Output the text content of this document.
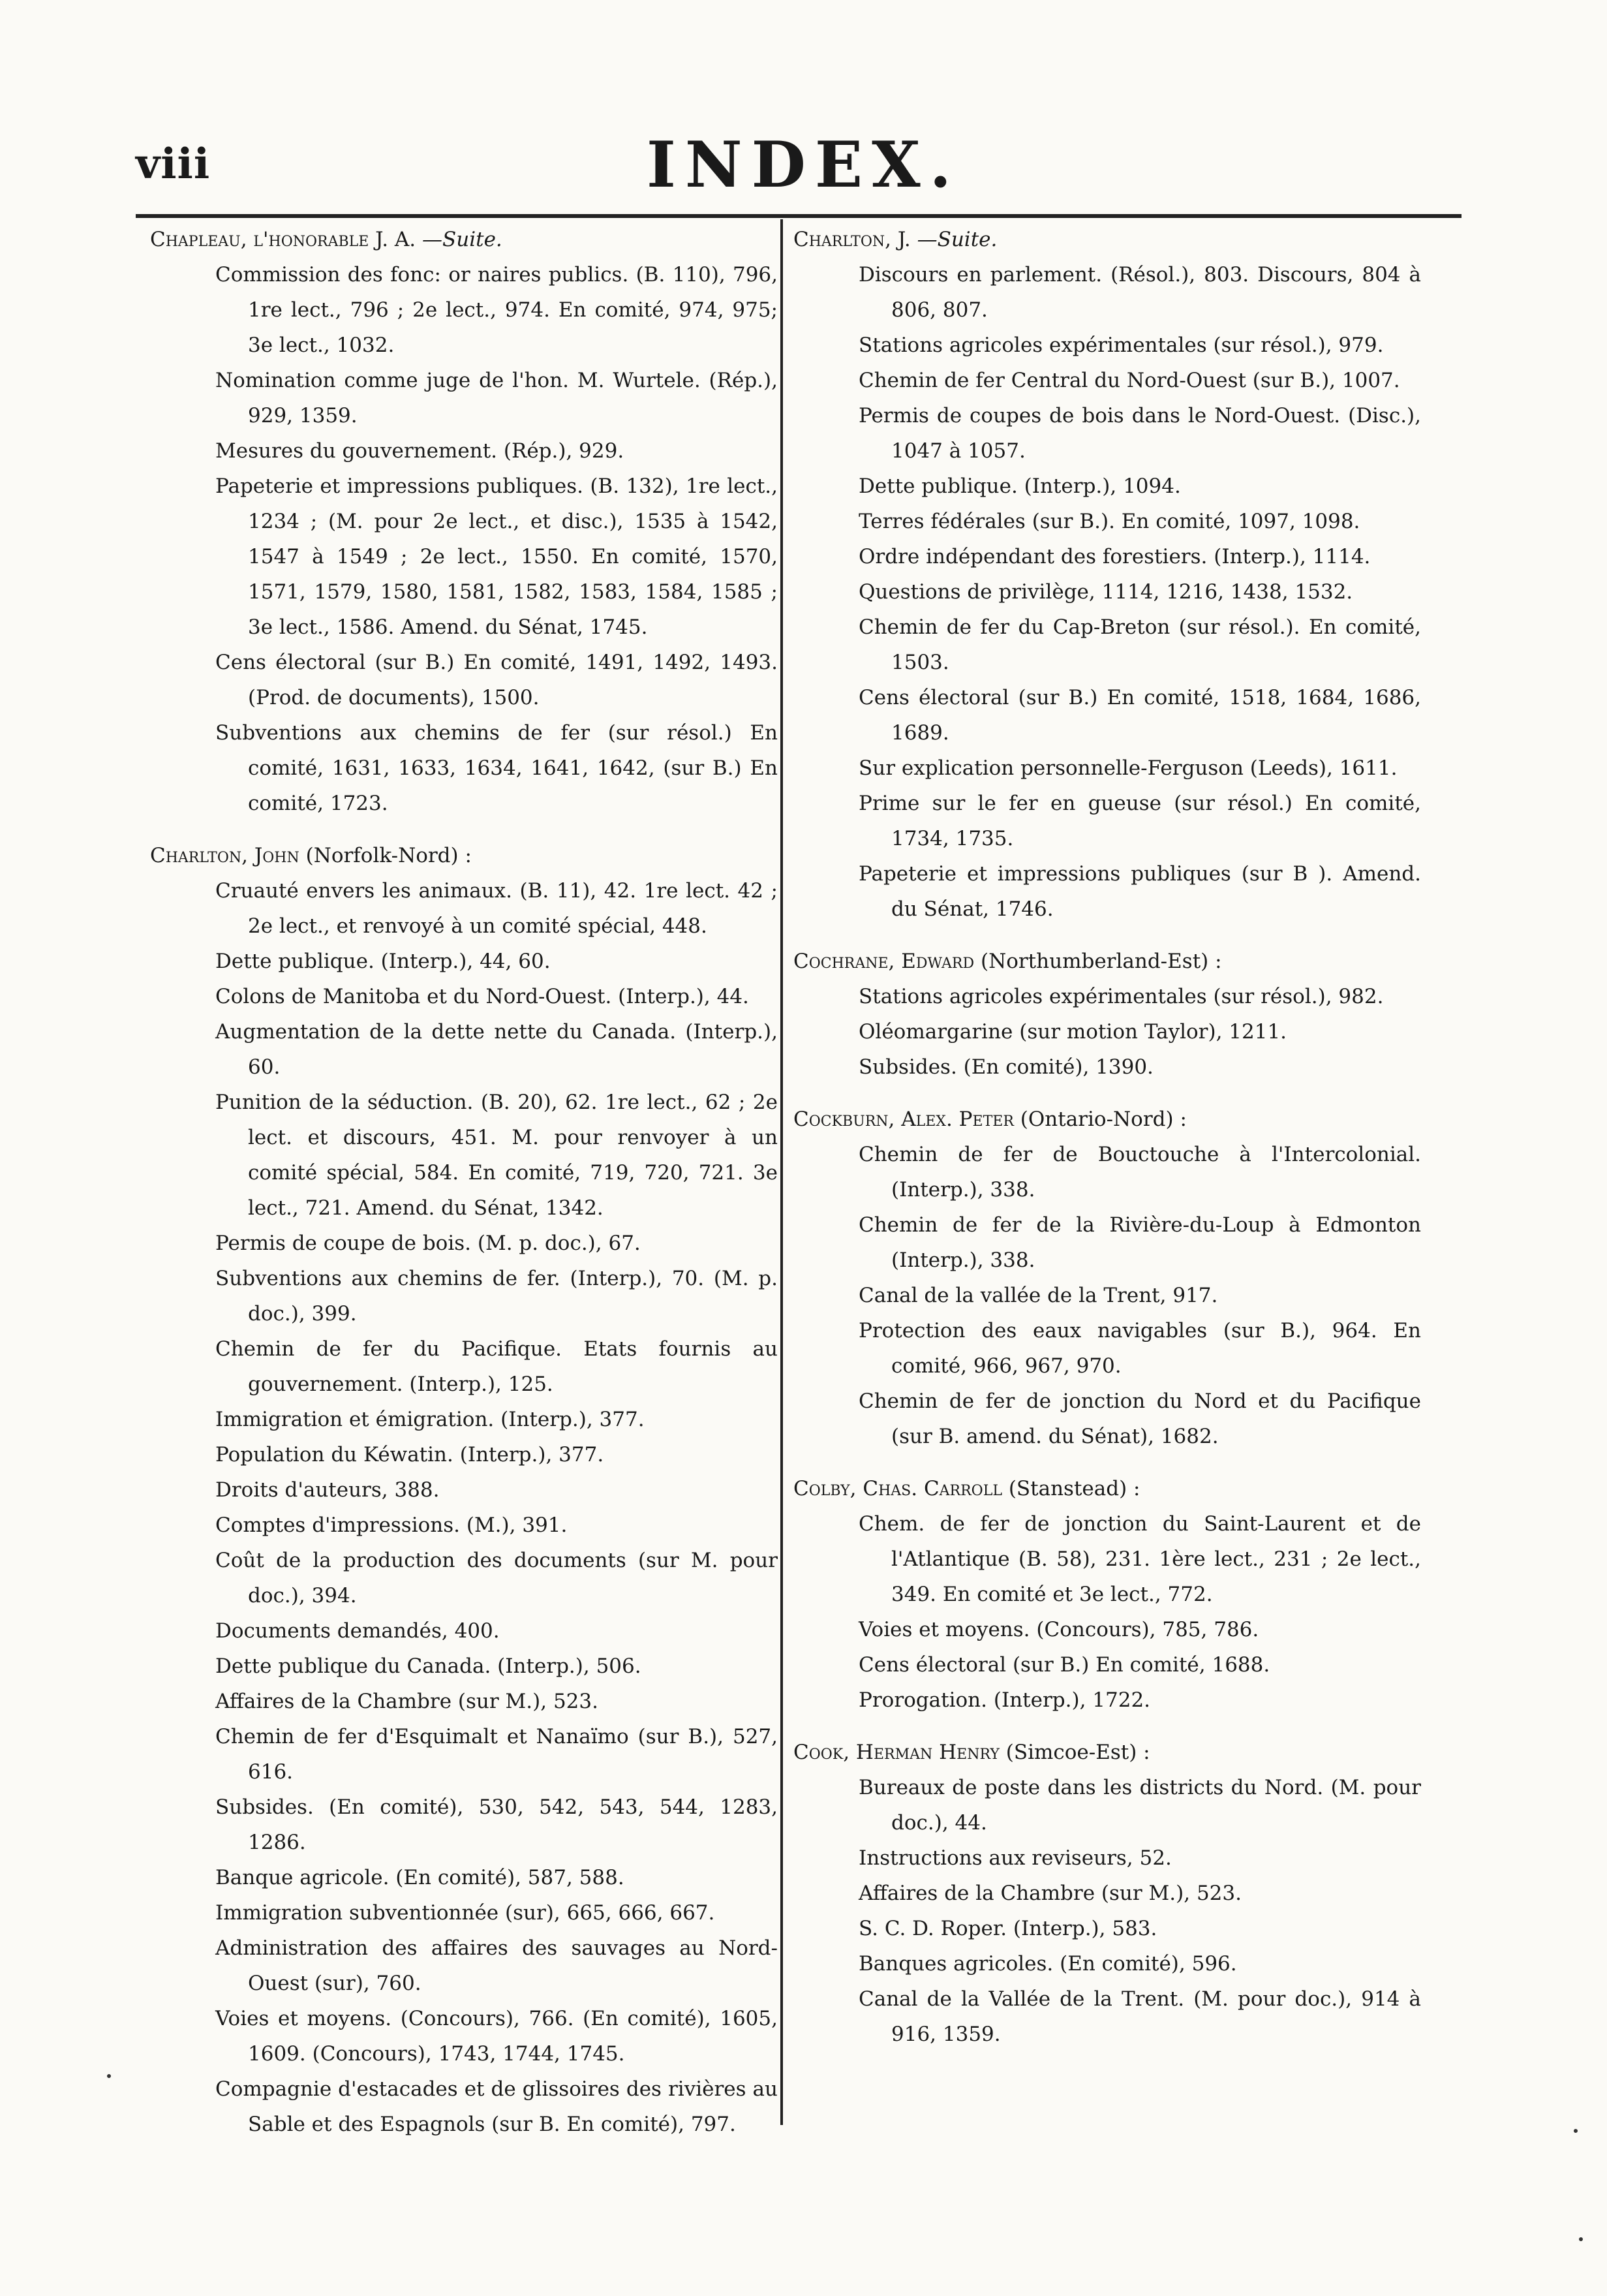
viii	INDEX.

Chapleau, l'honorable J. A. —Suite.

Commission des fonc: or naires publics. (B. 110), 796, 1re lect., 796 ; 2e lect., 974. En comité, 974, 975; 3e lect., 1032.

Nomination comme juge de l'hon. M. Wurtele. (Rép.), 929, 1359.

Mesures du gouvernement. (Rép.), 929.

Papeterie et impressions publiques. (B. 132), 1re lect., 1234 ; (M. pour 2e lect., et disc.), 1535 à 1542, 1547 à 1549 ; 2e lect., 1550. En comité, 1570, 1571, 1579, 1580, 1581, 1582, 1583, 1584, 1585 ; 3e lect., 1586. Amend. du Sénat, 1745.

Cens électoral (sur B.) En comité, 1491, 1492, 1493. (Prod. de documents), 1500.

Subventions aux chemins de fer (sur résol.) En comité, 1631, 1633, 1634, 1641, 1642, (sur B.) En comité, 1723.

Charlton, John (Norfolk-Nord) :

Cruauté envers les animaux. (B. 11), 42. 1re lect. 42 ; 2e lect., et renvoyé à un comité spécial, 448.

Dette publique. (Interp.), 44, 60.

Colons de Manitoba et du Nord-Ouest. (Interp.), 44.

Augmentation de la dette nette du Canada. (Interp.), 60.

Punition de la séduction. (B. 20), 62. 1re lect., 62 ; 2e lect. et discours, 451. M. pour renvoyer à un comité spécial, 584. En comité, 719, 720, 721. 3e lect., 721. Amend. du Sénat, 1342.

Permis de coupe de bois. (M. p. doc.), 67.

Subventions aux chemins de fer. (Interp.), 70. (M. p. doc.), 399.

Chemin de fer du Pacifique. Etats fournis au gouvernement. (Interp.), 125.

Immigration et émigration. (Interp.), 377.

Population du Kéwatin. (Interp.), 377.

Droits d'auteurs, 388.

Comptes d'impressions. (M.), 391.

Coût de la production des documents (sur M. pour doc.), 394.

Documents demandés, 400.

Dette publique du Canada. (Interp.), 506.

Affaires de la Chambre (sur M.), 523.

Chemin de fer d'Esquimalt et Nanaïmo (sur B.), 527, 616.

Subsides. (En comité), 530, 542, 543, 544, 1283, 1286.

Banque agricole. (En comité), 587, 588.

Immigration subventionnée (sur), 665, 666, 667.

Administration des affaires des sauvages au Nord-Ouest (sur), 760.

Voies et moyens. (Concours), 766. (En comité), 1605, 1609. (Concours), 1743, 1744, 1745.

Compagnie d'estacades et de glissoires des rivières au Sable et des Espagnols (sur B. En comité), 797.

Charlton, J. —Suite.

Discours en parlement. (Résol.), 803. Discours, 804 à 806, 807.

Stations agricoles expérimentales (sur résol.), 979.

Chemin de fer Central du Nord-Ouest (sur B.), 1007.

Permis de coupes de bois dans le Nord-Ouest. (Disc.), 1047 à 1057.

Dette publique. (Interp.), 1094.

Terres fédérales (sur B.). En comité, 1097, 1098.

Ordre indépendant des forestiers. (Interp.), 1114.

Questions de privilège, 1114, 1216, 1438, 1532.

Chemin de fer du Cap-Breton (sur résol.). En comité, 1503.

Cens électoral (sur B.) En comité, 1518, 1684, 1686, 1689.

Sur explication personnelle-Ferguson (Leeds), 1611.

Prime sur le fer en gueuse (sur résol.) En comité, 1734, 1735.

Papeterie et impressions publiques (sur B ). Amend. du Sénat, 1746.

Cochrane, Edward (Northumberland-Est) :

Stations agricoles expérimentales (sur résol.), 982.

Oléomargarine (sur motion Taylor), 1211.

Subsides. (En comité), 1390.

Cockburn, Alex. Peter (Ontario-Nord) :

Chemin de fer de Bouctouche à l'Intercolonial. (Interp.), 338.

Chemin de fer de la Rivière-du-Loup à Edmonton (Interp.), 338.

Canal de la vallée de la Trent, 917.

Protection des eaux navigables (sur B.), 964. En comité, 966, 967, 970.

Chemin de fer de jonction du Nord et du Pacifique (sur B. amend. du Sénat), 1682.

Colby, Chas. Carroll (Stanstead) :

Chem. de fer de jonction du Saint-Laurent et de l'Atlantique (B. 58), 231. 1ère lect., 231 ; 2e lect., 349. En comité et 3e lect., 772.

Voies et moyens. (Concours), 785, 786.

Cens électoral (sur B.) En comité, 1688.

Prorogation. (Interp.), 1722.

Cook, Herman Henry (Simcoe-Est) :

Bureaux de poste dans les districts du Nord. (M. pour doc.), 44.

Instructions aux reviseurs, 52.

Affaires de la Chambre (sur M.), 523.

S. C. D. Roper. (Interp.), 583.

Banques agricoles. (En comité), 596.

Canal de la Vallée de la Trent. (M. pour doc.), 914 à 916, 1359.
